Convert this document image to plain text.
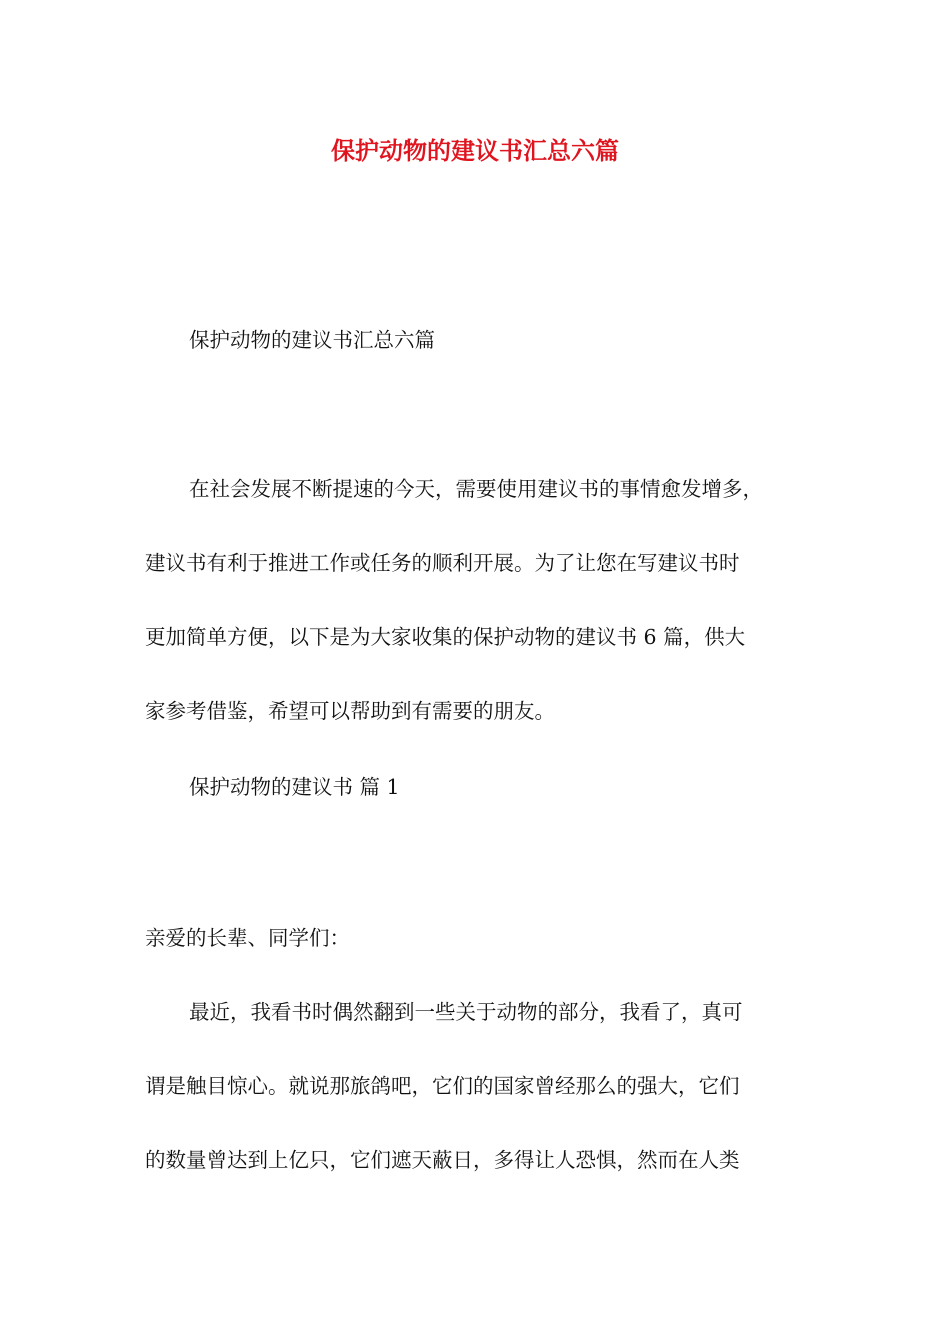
保护动物的建议书汇总六篇
保护动物的建议书汇总六篇
在社会发展不断提速的今天，需要使用建议书的事情愈发增多，
建议书有利于推进工作或任务的顺利开展。为了让您在写建议书时
更加简单方便，以下是为大家收集的保护动物的建议书 6 篇，供大
家参考借鉴，希望可以帮助到有需要的朋友。
保护动物的建议书 篇 1
亲爱的长辈、同学们：
最近，我看书时偶然翻到一些关于动物的部分，我看了，真可
谓是触目惊心。就说那旅鸽吧，它们的国家曾经那么的强大，它们
的数量曾达到上亿只，它们遮天蔽日，多得让人恐惧，然而在人类
